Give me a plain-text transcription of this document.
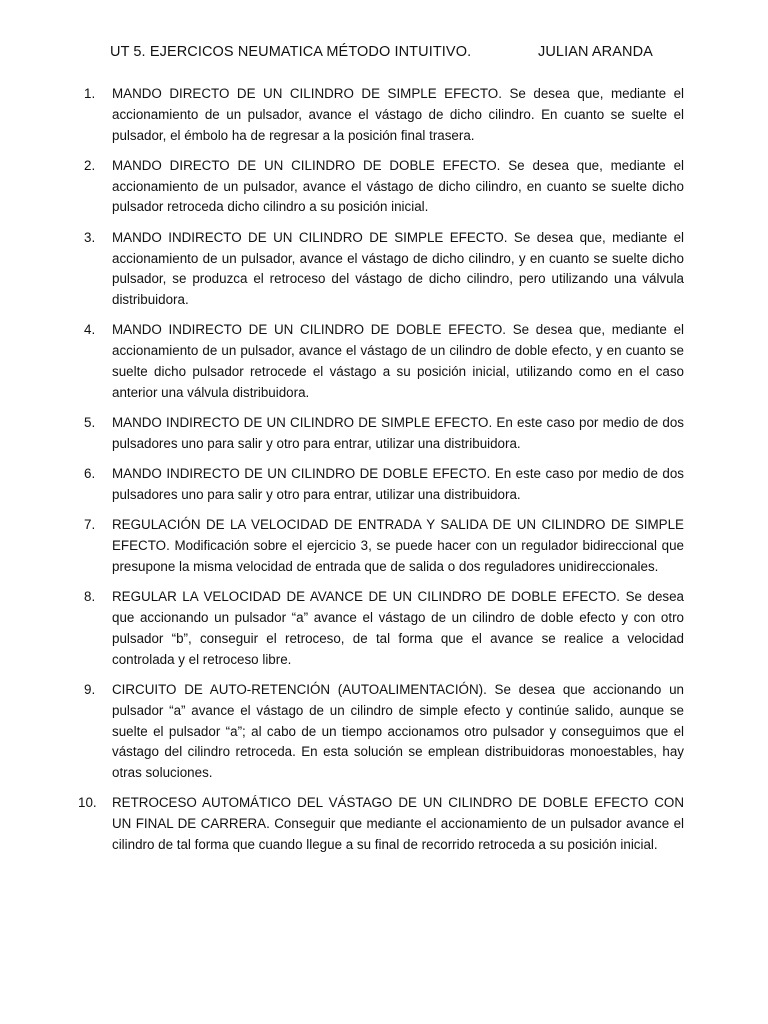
UT 5. EJERCICOS NEUMATICA MÉTODO INTUITIVO.	JULIAN ARANDA
1. MANDO DIRECTO DE UN CILINDRO DE SIMPLE EFECTO. Se desea que, mediante el accionamiento de un pulsador, avance el vástago de dicho cilindro. En cuanto se suelte el pulsador, el émbolo ha de regresar a la posición final trasera.

2. MANDO DIRECTO DE UN CILINDRO DE DOBLE EFECTO. Se desea que, mediante el accionamiento de un pulsador, avance el vástago de dicho cilindro, en cuanto se suelte dicho pulsador retroceda dicho cilindro a su posición inicial.

3. MANDO INDIRECTO DE UN CILINDRO DE SIMPLE EFECTO. Se desea que, mediante el accionamiento de un pulsador, avance el vástago de dicho cilindro, y en cuanto se suelte dicho pulsador, se produzca el retroceso del vástago de dicho cilindro, pero utilizando una válvula distribuidora.

4. MANDO INDIRECTO DE UN CILINDRO DE DOBLE EFECTO. Se desea que, mediante el accionamiento de un pulsador, avance el vástago de un cilindro de doble efecto, y en cuanto se suelte dicho pulsador retrocede el vástago a su posición inicial, utilizando como en el caso anterior una válvula distribuidora.

5. MANDO INDIRECTO DE UN CILINDRO DE SIMPLE EFECTO. En este caso por medio de dos pulsadores uno para salir y otro para entrar, utilizar una distribuidora.

6. MANDO INDIRECTO DE UN CILINDRO DE DOBLE EFECTO. En este caso por medio de dos pulsadores uno para salir y otro para entrar, utilizar una distribuidora.

7. REGULACIÓN DE LA VELOCIDAD DE ENTRADA Y SALIDA DE UN CILINDRO DE SIMPLE EFECTO. Modificación sobre el ejercicio 3, se puede hacer con un regulador bidireccional que presupone la misma velocidad de entrada que de salida o dos reguladores unidireccionales.

8. REGULAR LA VELOCIDAD DE AVANCE DE UN CILINDRO DE DOBLE EFECTO. Se desea que accionando un pulsador “a” avance el vástago de un cilindro de doble efecto y con otro pulsador “b”, conseguir el retroceso, de tal forma que el avance se realice a velocidad controlada y el retroceso libre.

9. CIRCUITO DE AUTO-RETENCIÓN (AUTOALIMENTACIÓN). Se desea que accionando un pulsador “a” avance el vástago de un cilindro de simple efecto y continúe salido, aunque se suelte el pulsador “a”; al cabo de un tiempo accionamos otro pulsador y conseguimos que el vástago del cilindro retroceda. En esta solución se emplean distribuidoras monoestables, hay otras soluciones.

10. RETROCESO AUTOMÁTICO DEL VÁSTAGO DE UN CILINDRO DE DOBLE EFECTO CON UN FINAL DE CARRERA. Conseguir que mediante el accionamiento de un pulsador avance el cilindro de tal forma que cuando llegue a su final de recorrido retroceda a su posición inicial.
